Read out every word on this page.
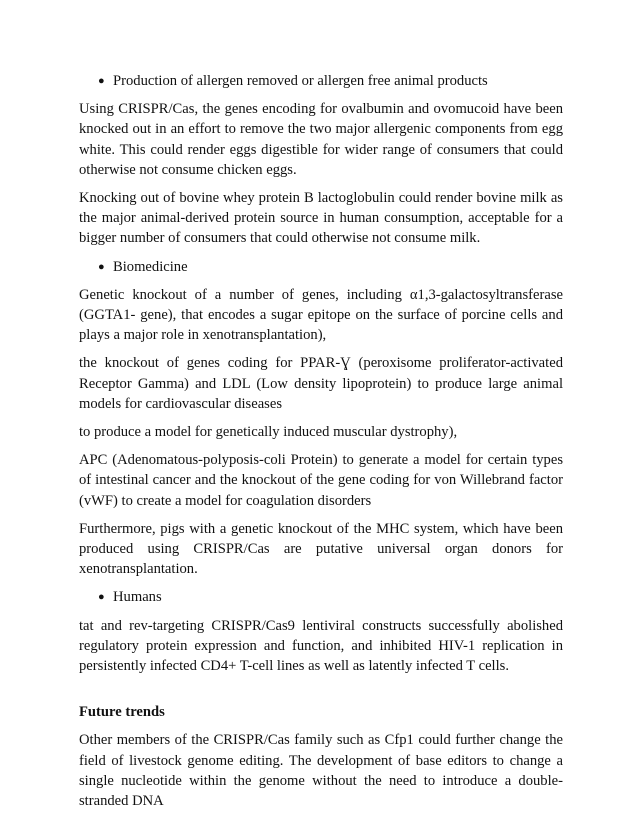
● Production of allergen removed or allergen free animal products

Using CRISPR/Cas, the genes encoding for ovalbumin and ovomucoid have been knocked out in an effort to remove the two major allergenic components from egg white. This could render eggs digestible for wider range of consumers that could otherwise not consume chicken eggs.

Knocking out of bovine whey protein B lactoglobulin could render bovine milk as the major animal-derived protein source in human consumption, acceptable for a bigger number of consumers that could otherwise not consume milk.

● Biomedicine

Genetic knockout of a number of genes, including α1,3-galactosyltransferase (GGTA1- gene), that encodes a sugar epitope on the surface of porcine cells and plays a major role in xenotransplantation),

the knockout of genes coding for PPAR-Ɣ (peroxisome proliferator-activated Receptor Gamma) and LDL (Low density lipoprotein) to produce large animal models for cardiovascular diseases

to produce a model for genetically induced muscular dystrophy),

APC (Adenomatous-polyposis-coli Protein) to generate a model for certain types of intestinal cancer and the knockout of the gene coding for von Willebrand factor (vWF) to create a model for coagulation disorders

Furthermore, pigs with a genetic knockout of the MHC system, which have been produced using CRISPR/Cas are putative universal organ donors for xenotransplantation.

● Humans

tat and rev-targeting CRISPR/Cas9 lentiviral constructs successfully abolished regulatory protein expression and function, and inhibited HIV-1 replication in persistently infected CD4+ T-cell lines as well as latently infected T cells.

Future trends

Other members of the CRISPR/Cas family such as Cfp1 could further change the field of livestock genome editing. The development of base editors to change a single nucleotide within the genome without the need to introduce a double-stranded DNA
